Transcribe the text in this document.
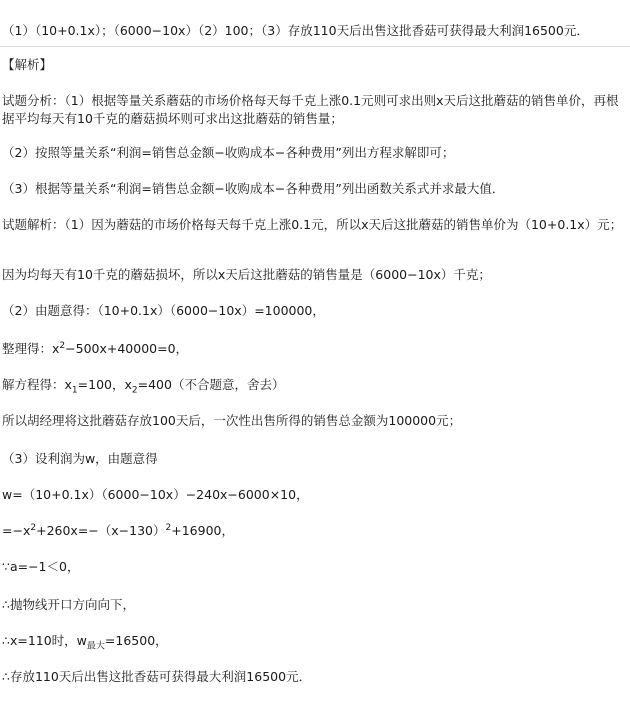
（1）（10+0.1x）；（6000−10x）（2）100；（3）存放110天后出售这批香菇可获得最大利润16500元．
【解析】
试题分析：（1）根据等量关系蘑菇的市场价格每天每千克上涨0.1元则可求出则x天后这批蘑菇的销售单价，再根据平均每天有10千克的蘑菇损坏则可求出这批蘑菇的销售量；
（2）按照等量关系“利润=销售总金额−收购成本−各种费用”列出方程求解即可；
（3）根据等量关系“利润=销售总金额−收购成本−各种费用”列出函数关系式并求最大值．
试题解析：（1）因为蘑菇的市场价格每天每千克上涨0.1元，所以x天后这批蘑菇的销售单价为（10+0.1x）元；
因为均每天有10千克的蘑菇损坏，所以x天后这批蘑菇的销售量是（6000−10x）千克；
（2）由题意得：（10+0.1x）（6000−10x）=100000，
整理得：$x^2-500x+40000=0$，
解方程得：$x_1=100$，$x_2=400$（不合题意，舍去）
所以胡经理将这批蘑菇存放100天后，一次性出售所得的销售总金额为100000元；
（3）设利润为w，由题意得
w=（10+0.1x）（6000−10x）−240x−6000×10，
$=-x^2+260x=-(x-130)^2+16900$，
∵a=−1＜0，
∴抛物线开口方向向下，
∴x=110时，$w_{最大}=16500$，
∴存放110天后出售这批香菇可获得最大利润16500元．
